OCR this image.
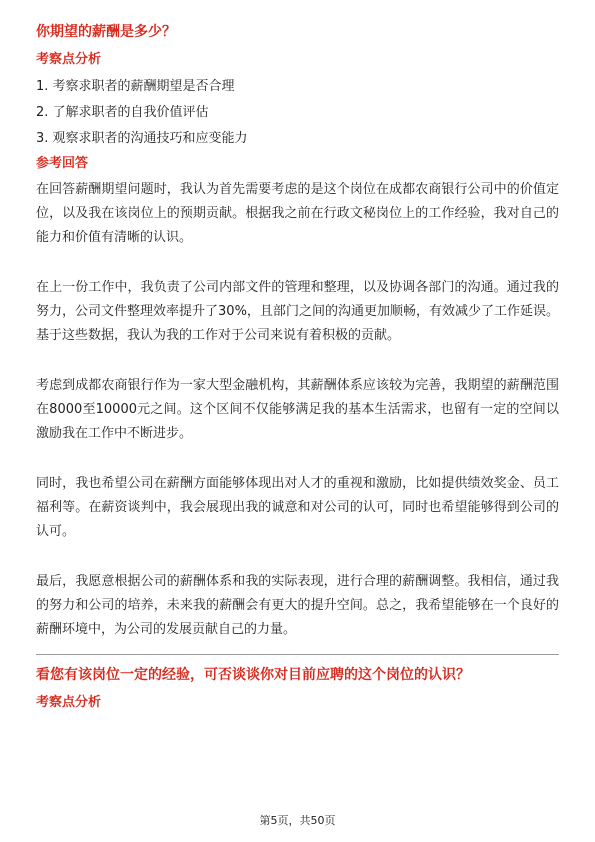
你期望的薪酬是多少？
考察点分析

1. 考察求职者的薪酬期望是否合理

2. 了解求职者的自我价值评估

3. 观察求职者的沟通技巧和应变能力

参考回答

在回答薪酬期望问题时，我认为首先需要考虑的是这个岗位在成都农商银行公司中的价值定位，以及我在该岗位上的预期贡献。根据我之前在行政文秘岗位上的工作经验，我对自己的能力和价值有清晰的认识。

在上一份工作中，我负责了公司内部文件的管理和整理，以及协调各部门的沟通。通过我的努力，公司文件整理效率提升了30%，且部门之间的沟通更加顺畅，有效减少了工作延误。基于这些数据，我认为我的工作对于公司来说有着积极的贡献。

考虑到成都农商银行作为一家大型金融机构，其薪酬体系应该较为完善，我期望的薪酬范围在8000至10000元之间。这个区间不仅能够满足我的基本生活需求，也留有一定的空间以激励我在工作中不断进步。

同时，我也希望公司在薪酬方面能够体现出对人才的重视和激励，比如提供绩效奖金、员工福利等。在薪资谈判中，我会展现出我的诚意和对公司的认可，同时也希望能够得到公司的认可。

最后，我愿意根据公司的薪酬体系和我的实际表现，进行合理的薪酬调整。我相信，通过我的努力和公司的培养，未来我的薪酬会有更大的提升空间。总之，我希望能够在一个良好的薪酬环境中，为公司的发展贡献自己的力量。

看您有该岗位一定的经验，可否谈谈你对目前应聘的这个岗位的认识？
考察点分析
第5页，共50页
